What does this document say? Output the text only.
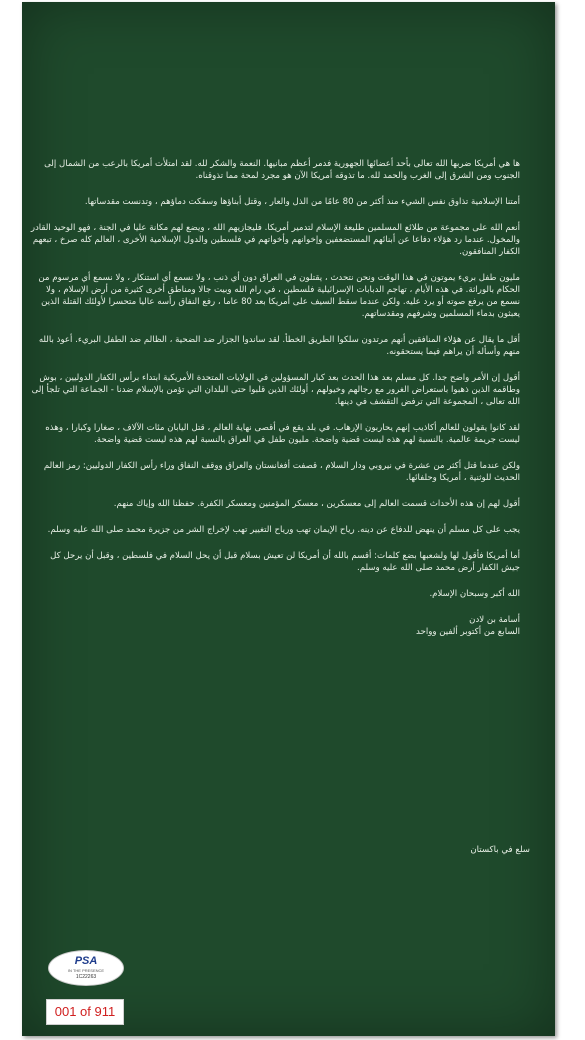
ها هي أمريكا ضربها الله تعالى بأحد أعضائها الجهورية فدمر أعظم مبانيها. النعمة والشكر لله. لقد امتلأت أمريكا بالرعب من الشمال إلى الجنوب ومن الشرق إلى الغرب والحمد لله. ما تذوقه أمريكا الآن هو مجرد لمحة مما تذوقناه.

أمتنا الإسلامية تذاوق نفس الشيء منذ أكثر من 80 عامًا من الذل والعار ، وقتل أبناؤها وسفكت دماؤهم ، وتدنست مقدساتها.

أنعم الله على مجموعة من طلائع المسلمين طليعة الإسلام لتدمير أمريكا. فليجازيهم الله ، ويضع لهم مكانة عليا في الجنة ، فهو الوحيد القادر والمخول. عندما رد هؤلاء دفاعا عن أبنائهم المستضعفين وإخوانهم وأخواتهم في فلسطين والدول الإسلامية الأخرى ، العالم كله صرخ ، تبعهم الكفار المنافقون.

مليون طفل بريء يموتون في هذا الوقت ونحن نتحدث ، يقتلون في العراق دون أي ذنب ، ولا نسمع أي استنكار ، ولا نسمع أي مرسوم من الحكام بالوراثة. في هذه الأيام ، تهاجم الدبابات الإسرائيلية فلسطين ، في رام الله وبيت جالا ومناطق أخرى كثيرة من أرض الإسلام ، ولا نسمع من يرفع صوته أو يرد عليه. ولكن عندما سقط السيف على أمريكا بعد 80 عاما ، رفع النفاق رأسه عاليا متحسرا لأولئك القتلة الذين يعبثون بدماء المسلمين وشرفهم ومقدساتهم.

أقل ما يقال عن هؤلاء المنافقين أنهم مرتدون سلكوا الطريق الخطأ. لقد ساندوا الجزار ضد الضحية ، الظالم ضد الطفل البريء. أعوذ بالله منهم وأسأله أن يراهم فيما يستحقونه.

أقول إن الأمر واضح جدا. كل مسلم بعد هذا الحدث بعد كبار المسؤولين في الولايات المتحدة الأمريكية ابتداء برأس الكفار الدوليين ، بوش وطاقمه الذين ذهبوا باستعراض الغرور مع رجالهم وخيولهم ، أولئك الذين قلبوا حتى البلدان التي تؤمن بالإسلام ضدنا - الجماعة التي تلجأ إلى الله تعالى ، المجموعة التي ترفض التقشف في دينها.

لقد كانوا يقولون للعالم أكاذيب إنهم يحاربون الإرهاب. في بلد يقع في أقصى نهاية العالم ، قتل اليابان مئات الآلاف ، صغارا وكبارا ، وهذه ليست جريمة عالمية. بالنسبة لهم هذه ليست قضية واضحة. مليون طفل في العراق بالنسبة لهم هذه ليست قضية واضحة.

ولكن عندما قتل أكثر من عشرة في نيروبي ودار السلام ، قصفت أفغانستان والعراق ووقف النفاق وراء رأس الكفار الدوليين: رمز العالم الحديث للوثنية ، أمريكا وحلفائها.

أقول لهم إن هذه الأحداث قسمت العالم إلى معسكرين ، معسكر المؤمنين ومعسكر الكفرة. حفظنا الله وإياك منهم.

يجب على كل مسلم أن ينهض للدفاع عن دينه. رياح الإيمان تهب ورياح التغيير تهب لإخراج الشر من جزيرة محمد صلى الله عليه وسلم.

أما أمريكا فأقول لها ولشعبها بضع كلمات: أقسم بالله أن أمريكا لن تعيش بسلام قبل أن يحل السلام في فلسطين ، وقبل أن يرحل كل جيش الكفار أرض محمد صلى الله عليه وسلم.

الله أكبر وسبحان الإسلام.

أسامة بن لادن

السابع من أكتوبر ألفين وواحد

سلع في باكستان
PSA
IN THE PRESENCE
1C22263
001 of 911
